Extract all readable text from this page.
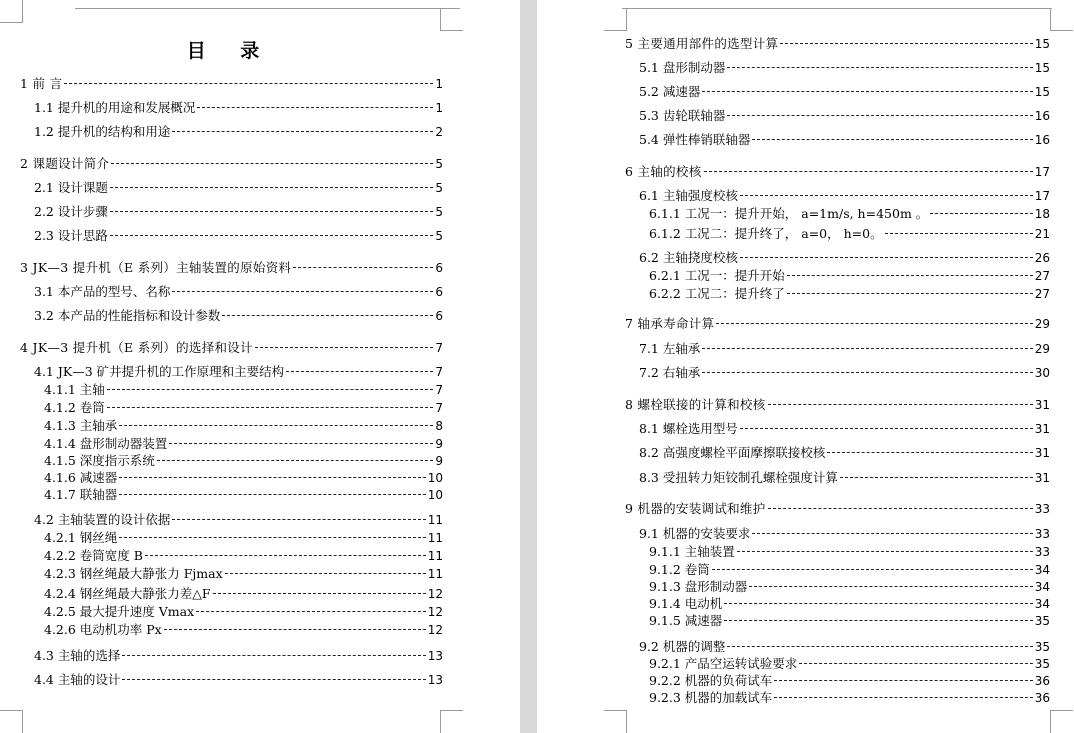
目 录
1 前 言	1
1.1 提升机的用途和发展概况	1
1.2 提升机的结构和用途	2
2 课题设计简介	5
2.1 设计课题	5
2.2 设计步骤	5
2.3 设计思路	5
3 JK—3 提升机（E 系列）主轴装置的原始资料	6
3.1 本产品的型号、名称	6
3.2 本产品的性能指标和设计参数	6
4 JK—3 提升机（E 系列）的选择和设计	7
4.1 JK—3 矿井提升机的工作原理和主要结构	7
4.1.1 主轴	7
4.1.2 卷筒	7
4.1.3 主轴承	8
4.1.4 盘形制动器装置	9
4.1.5 深度指示系统	9
4.1.6 减速器	10
4.1.7 联轴器	10
4.2 主轴装置的设计依据	11
4.2.1 钢丝绳	11
4.2.2 卷筒宽度 B	11
4.2.3 钢丝绳最大静张力 Fjmax	11
4.2.4 钢丝绳最大静张力差△F	12
4.2.5 最大提升速度 Vmax	12
4.2.6 电动机功率 Px	12
4.3 主轴的选择	13
4.4 主轴的设计	13
5 主要通用部件的选型计算	15
5.1 盘形制动器	15
5.2 减速器	15
5.3 齿轮联轴器	16
5.4 弹性棒销联轴器	16
6 主轴的校核	17
6.1 主轴强度校核	17
6.1.1 工况一：提升开始， a=1m/s, h=450m 。	18
6.1.2 工况二：提升终了， a=0， h=0。	21
6.2 主轴挠度校核	26
6.2.1 工况一：提升开始	27
6.2.2 工况二：提升终了	27
7 轴承寿命计算	29
7.1 左轴承	29
7.2 右轴承	30
8 螺栓联接的计算和校核	31
8.1 螺栓选用型号	31
8.2 高强度螺栓平面摩擦联接校核	31
8.3 受扭转力矩铰制孔螺栓强度计算	31
9 机器的安装调试和维护	33
9.1 机器的安装要求	33
9.1.1 主轴装置	33
9.1.2 卷筒	34
9.1.3 盘形制动器	34
9.1.4 电动机	34
9.1.5 减速器	35
9.2 机器的调整	35
9.2.1 产品空运转试验要求	35
9.2.2 机器的负荷试车	36
9.2.3 机器的加载试车	36
